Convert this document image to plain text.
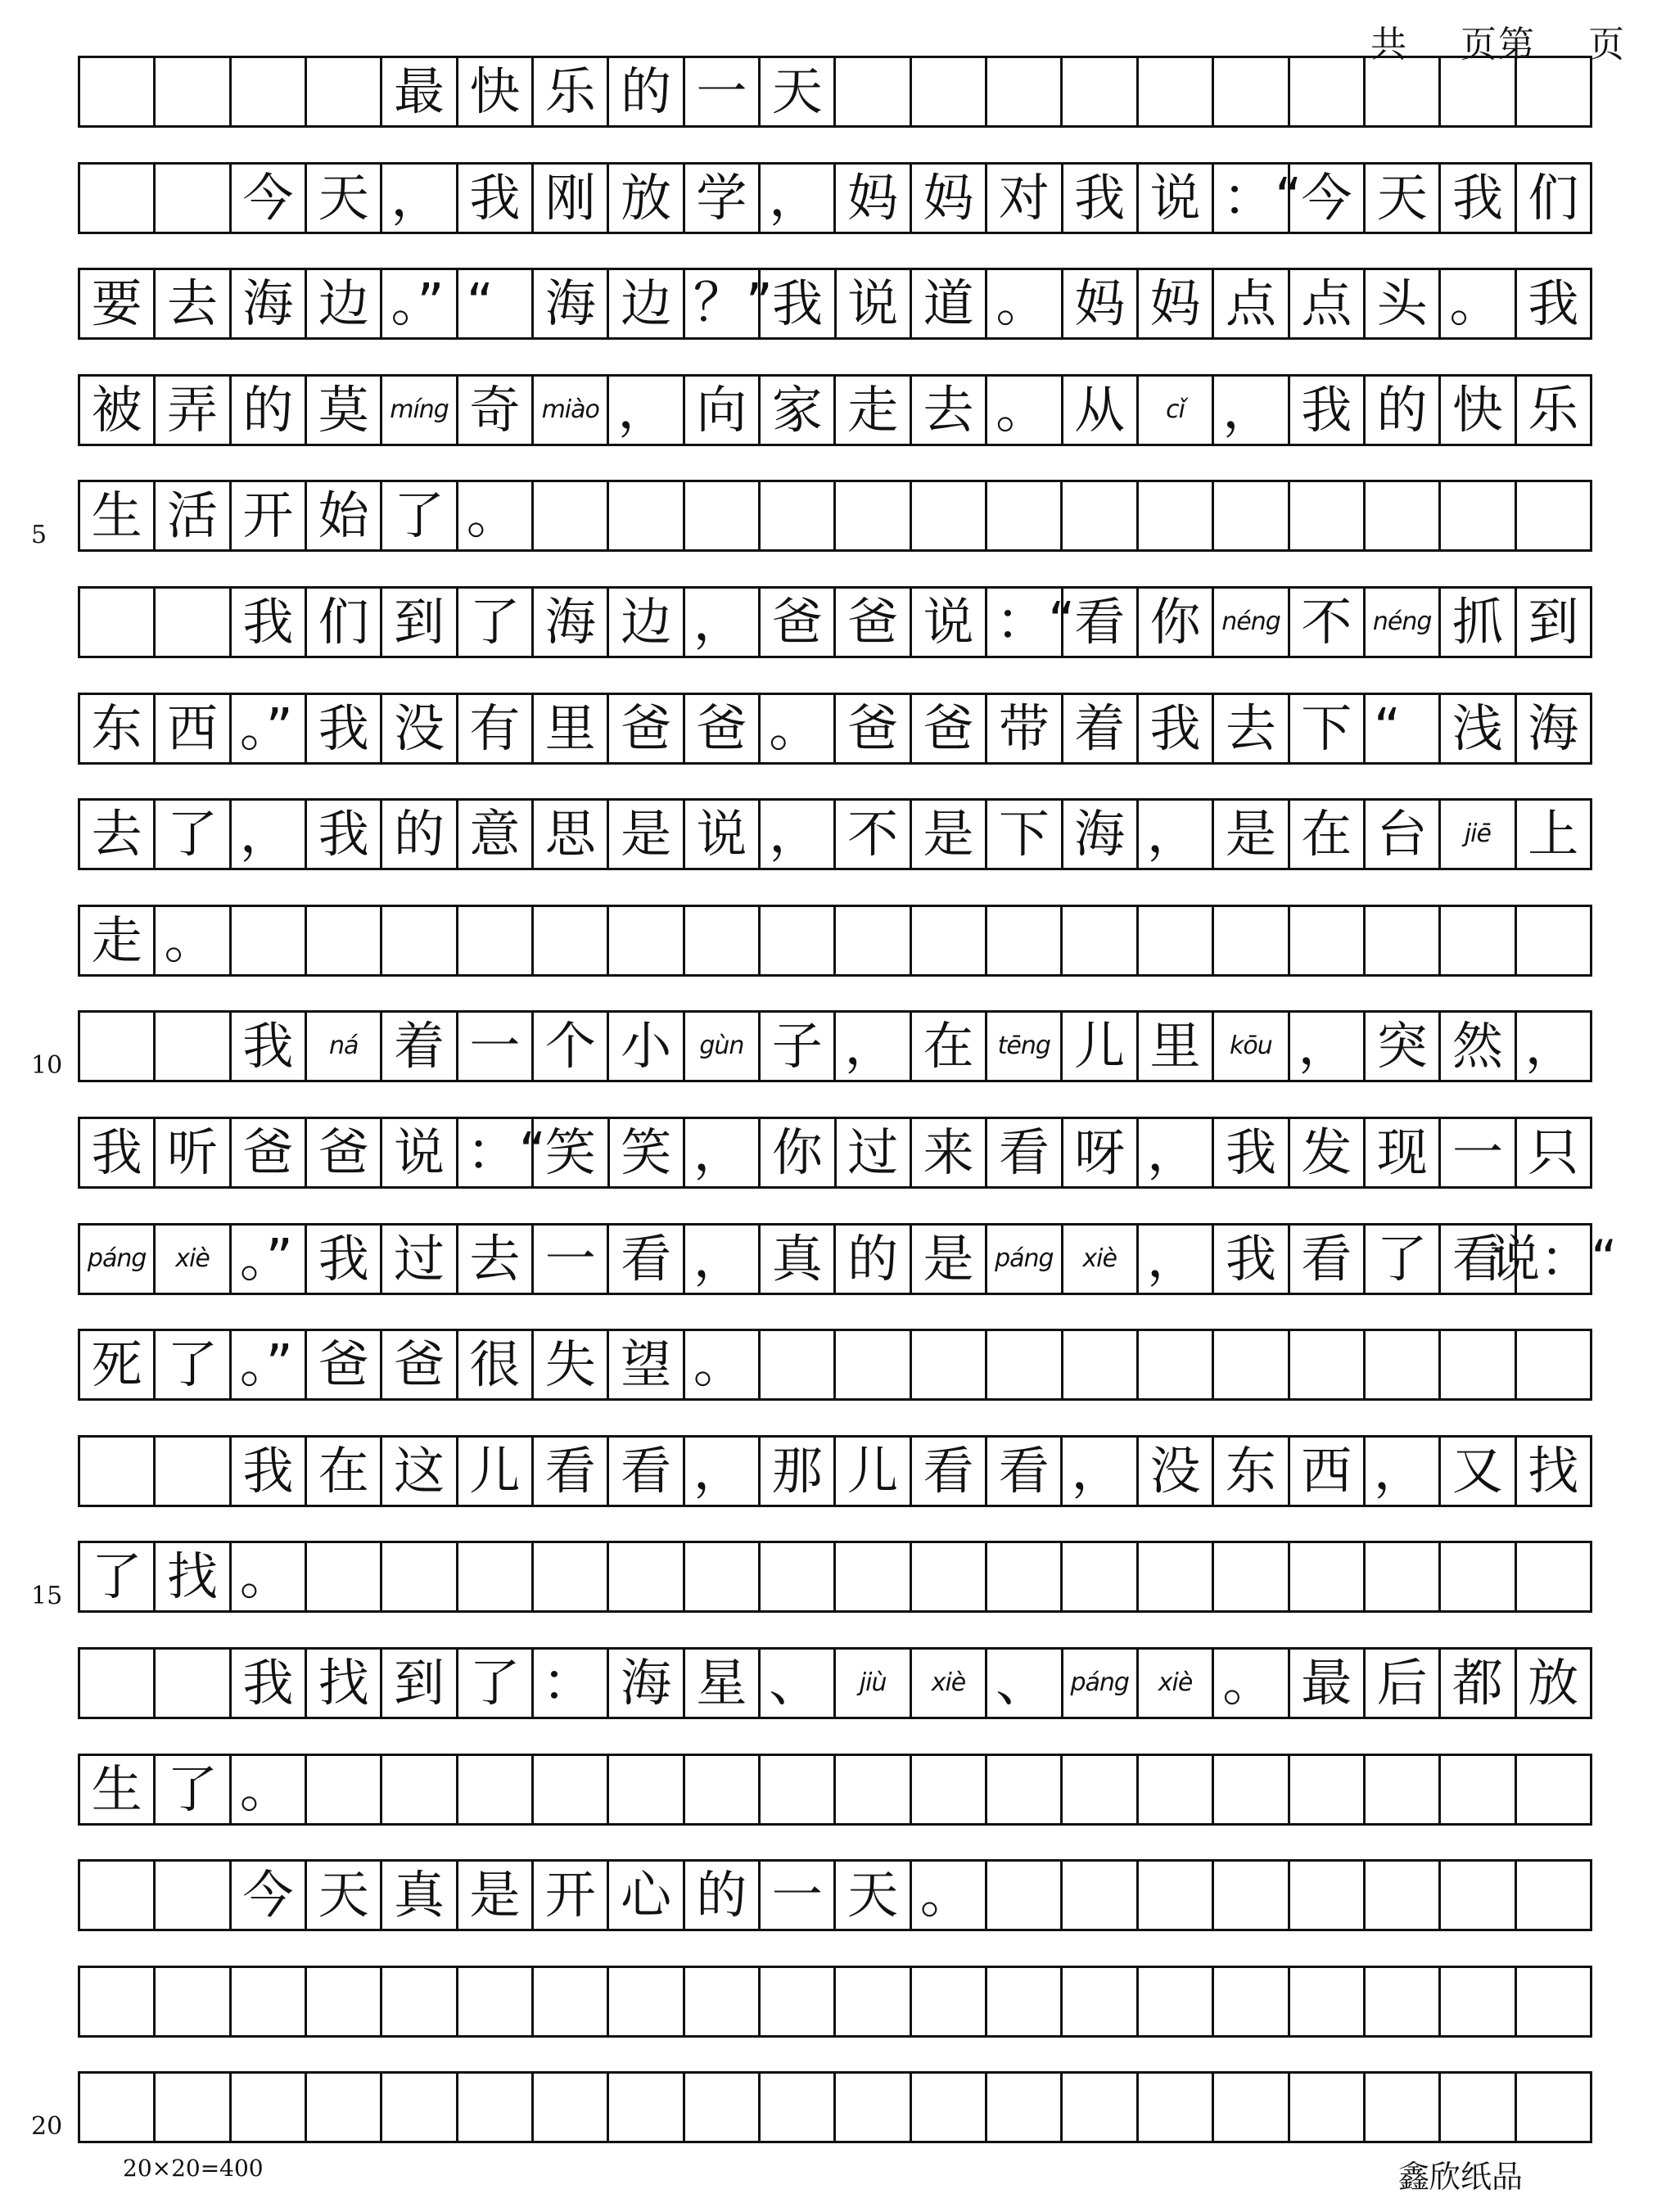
共    页第    页
最 快 乐 的 一 天
今 天 ， 我 刚 放 学 ， 妈 妈 对 我 说 ：“ 今 天 我 们
要 去 海 边 。” “	海 边 ？” 我 说 道 。 妈 妈 点 点 头 。 我
被 弄 的 莫 míng 奇 miào ， 向 家 走 去 。 从	cǐ ， 我 的 快 乐
生 活 开 始 了 。
我 们 到 了 海 边 ， 爸 爸 说 ：“ 看 你 néng 不 néng 抓 到
东 西 。” 我 没 有 里 爸 爸 。 爸 爸 带 着 我 去 下 “	浅 海
去 了 ， 我 的 意 思 是 说 ， 不 是 下 海 ， 是 在 台	jiē 上
走 。
我	ná 着 一 个 小	gùn 子 ， 在 tēng 儿 里	kōu ， 突 然 ，
我 听 爸 爸 说 ：“ 笑 笑 ， 你 过 来 看 呀 ， 我 发 现 一 只
páng	xiè 。” 我 过 去 一 看 ， 真 的 是 páng	xiè ， 我 看 了 看
说：“
死 了 。” 爸 爸 很 失 望 。
我 在 这 儿 看 看 ， 那 儿 看 看 ， 没 东 西 ， 又 找
了 找 。
我 找 到 了 ： 海 星 、	jiù	xiè 、 páng	xiè 。 最 后 都 放
生 了 。
今 天 真 是 开 心 的 一 天 。
5
10
15
20
20×20=400	鑫欣纸品
